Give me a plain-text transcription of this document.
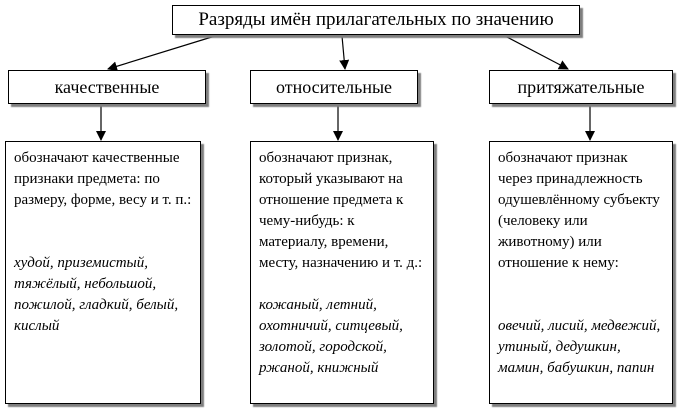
Разряды имён прилагательных по значению
качественные	относительные	притяжательные
обозначают качественные признаки предмета: по размеру, форме, весу и т. п.:
худой, приземистый, тяжёлый, небольшой, пожилой, гладкий, белый, кислый
обозначают признак, который указывают на отношение предмета к чему-нибудь: к материалу, времени, месту, назначению и т. д.:
кожаный, летний, охотничий, ситцевый, золотой, городской, ржаной, книжный
обозначают признак через принадлежность одушевлённому субъекту (человеку или животному) или отношение к нему:
овечий, лисий, медвежий, утиный, дедушкин, мамин, бабушкин, папин
